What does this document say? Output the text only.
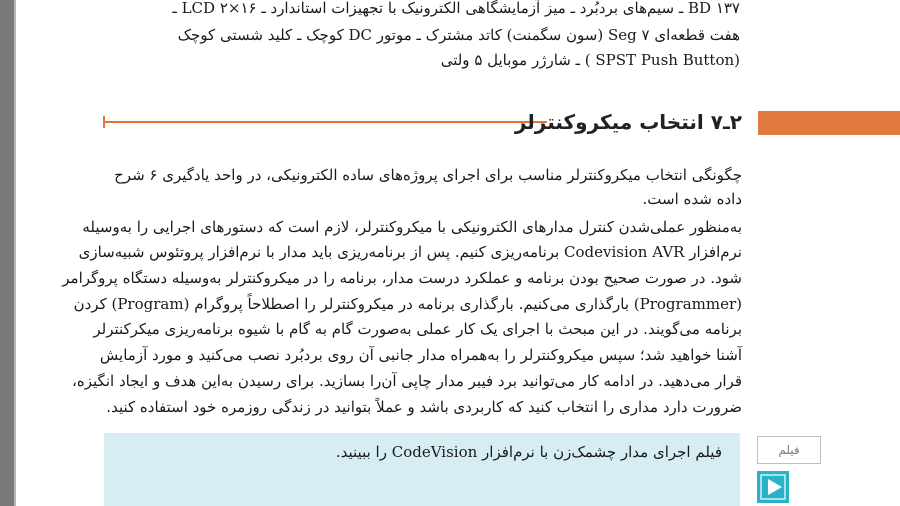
BD ۱۳۷ ـ سیم‌های بردبُرد ـ میز آزمایشگاهی الکترونیک با تجهیزات استاندارد ـ ۱۶×۲ LCD ـ
هفت قطعه‌ای Seg ۷ (سون سگمنت) کاتد مشترک ـ موتور DC کوچک ـ کلید شستی کوچک
(SPST Push Button ) ـ شارژر موبایل ۵ ولتی
۲ـ۷ انتخاب میکروکنترلر
چگونگی انتخاب میکروکنترلر مناسب برای اجرای پروژه‌های ساده الکترونیکی، در واحد یادگیری ۶ شرح
داده شده است.
به‌منظور عملی‌شدن کنترل مدارهای الکترونیکی با میکروکنترلر، لازم است که دستورهای اجرایی را به‌وسیله
نرم‌افزار Codevision AVR برنامه‌ریزی کنیم. پس از برنامه‌ریزی باید مدار با نرم‌افزار پروتئوس شبیه‌سازی
شود. در صورت صحیح بودن برنامه و عملکرد درست مدار، برنامه را در میکروکنترلر به‌وسیله دستگاه پروگرامر
(Programmer) بارگذاری می‌کنیم. بارگذاری برنامه در میکروکنترلر را اصطلاحاً پروگرام (Program) کردن
برنامه می‌گویند. در این مبحث با اجرای یک کار عملی به‌صورت گام به گام با شیوه برنامه‌ریزی میکرکنترلر
آشنا خواهید شد؛ سپس میکروکنترلر را به‌همراه مدار جانبی آن روی بردبُرد نصب می‌کنید و مورد آزمایش
قرار می‌دهید. در ادامه کار می‌توانید برد فیبر مدار چاپی آن‌را بسازید. برای رسیدن به‌این هدف و ایجاد انگیزه،
ضرورت دارد مداری را انتخاب کنید که کاربردی باشد و عملاً بتوانید در زندگی روزمره خود استفاده کنید.
فیلم اجرای مدار چشمک‌زن با نرم‌افزار CodeVision را ببینید.	فیلم
